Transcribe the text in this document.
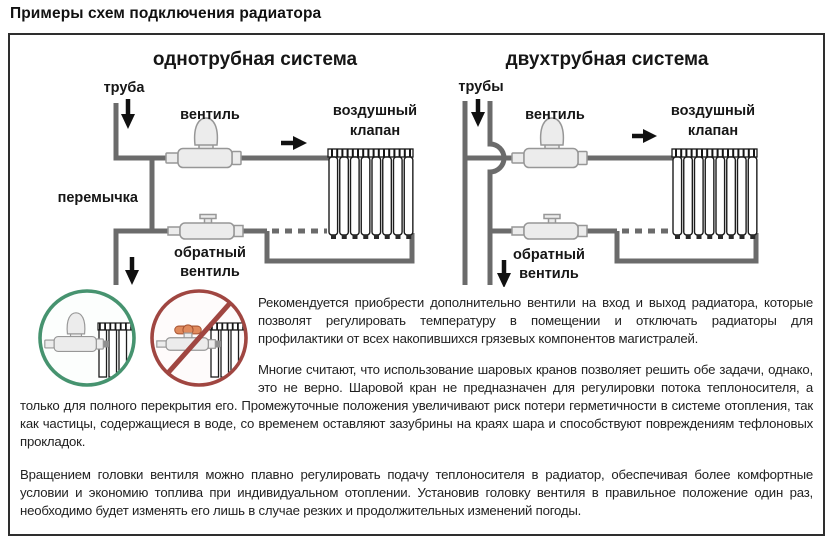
Примеры схем подключения радиатора
однотрубная система
труба
вентиль	воздушный
клапан
перемычка
обратный
вентиль
двухтрубная система
трубы
вентиль	воздушный
клапан
обратный
вентиль

Рекомендуется приобрести дополнительно вентили на вход и выход радиатора, которые позволят регулировать температуру в помещении и отключать радиаторы для профилактики от всех накопившихся грязевых компонентов магистралей.

Многие считают, что использование шаровых кранов позволяет решить обе задачи, однако, это не верно. Шаровой кран не предназначен для регулировки потока теплоносителя, а только для полного перекрытия его. Промежуточные положения увеличивают риск потери герметичности в системе отопления, так как частицы, содержащиеся в воде, со временем оставляют зазубрины на краях шара и способствуют повреждениям тефлоновых прокладок.

Вращением головки вентиля можно плавно регулировать подачу теплоносителя в радиатор, обеспечивая более комфортные условии и экономию топлива при индивидуальном отоплении. Установив головку вентиля в правильное положение один раз, необходимо будет изменять его лишь в случае резких и продолжительных изменений погоды.
